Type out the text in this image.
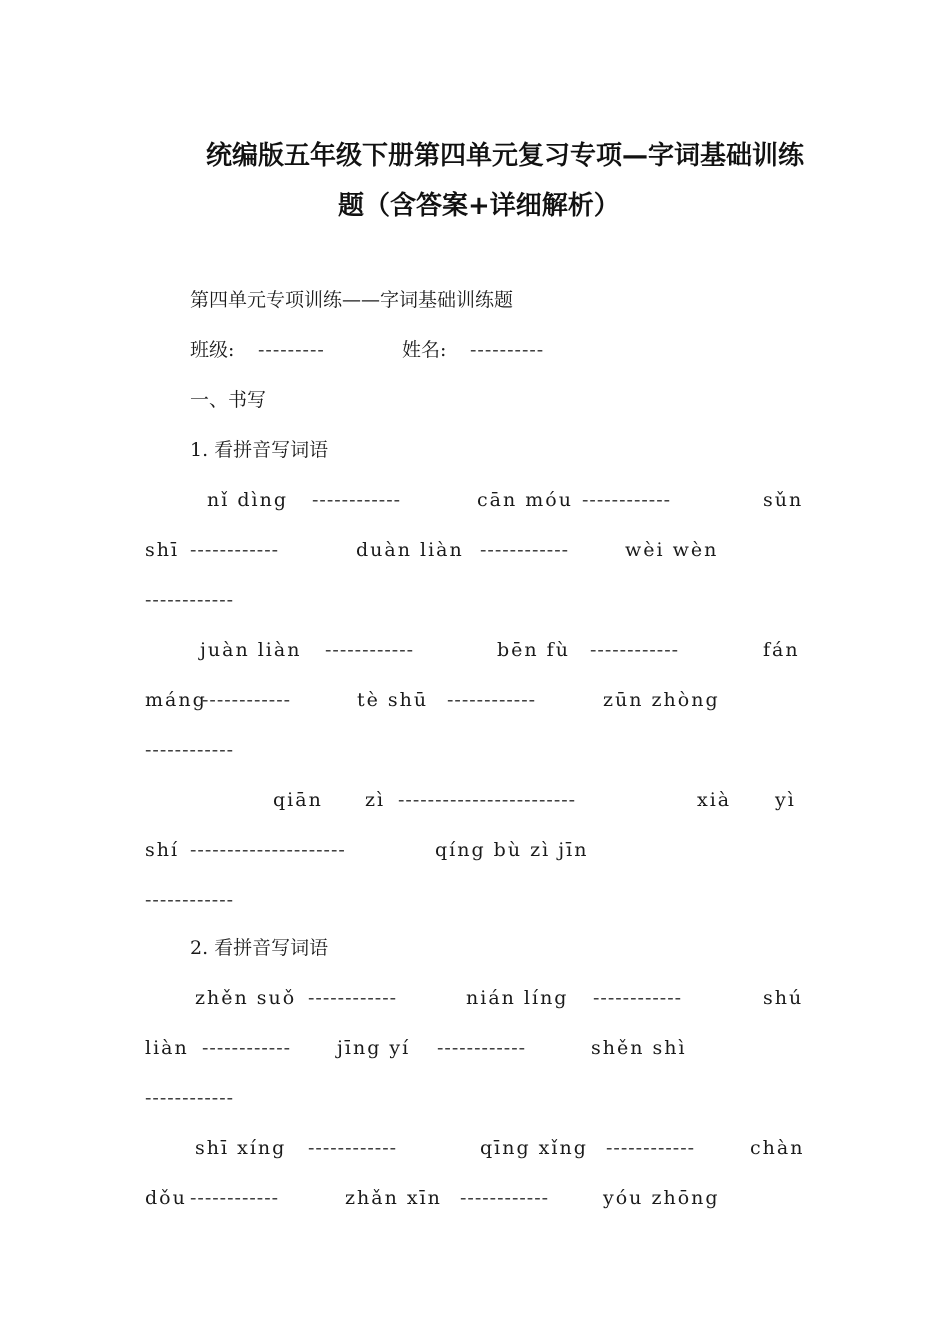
统编版五年级下册第四单元复习专项—字词基础训练
题（含答案+详细解析）
第四单元专项训练——字词基础训练题
班级: ---------	姓名: ----------
一、书写
1. 看拼音写词语
nǐ dìng ------------	cān móu ------------	sǔn
shī ------------	duàn liàn ------------	wèi wèn
------------
juàn liàn ------------	bēn fù ------------	fán
máng
------------	tè shū ------------	zūn zhòng
------------
qiān zì ------------------------	xià yì
shí ---------------------	qíng bù zì jīn
------------
2. 看拼音写词语
zhěn suǒ ------------	nián líng ------------	shú
liàn ------------ jīng yí ------------	shěn shì
------------
shī xíng ------------	qīng xǐng ------------	chàn
dǒu ------------	zhǎn xīn ------------	yóu zhōng
